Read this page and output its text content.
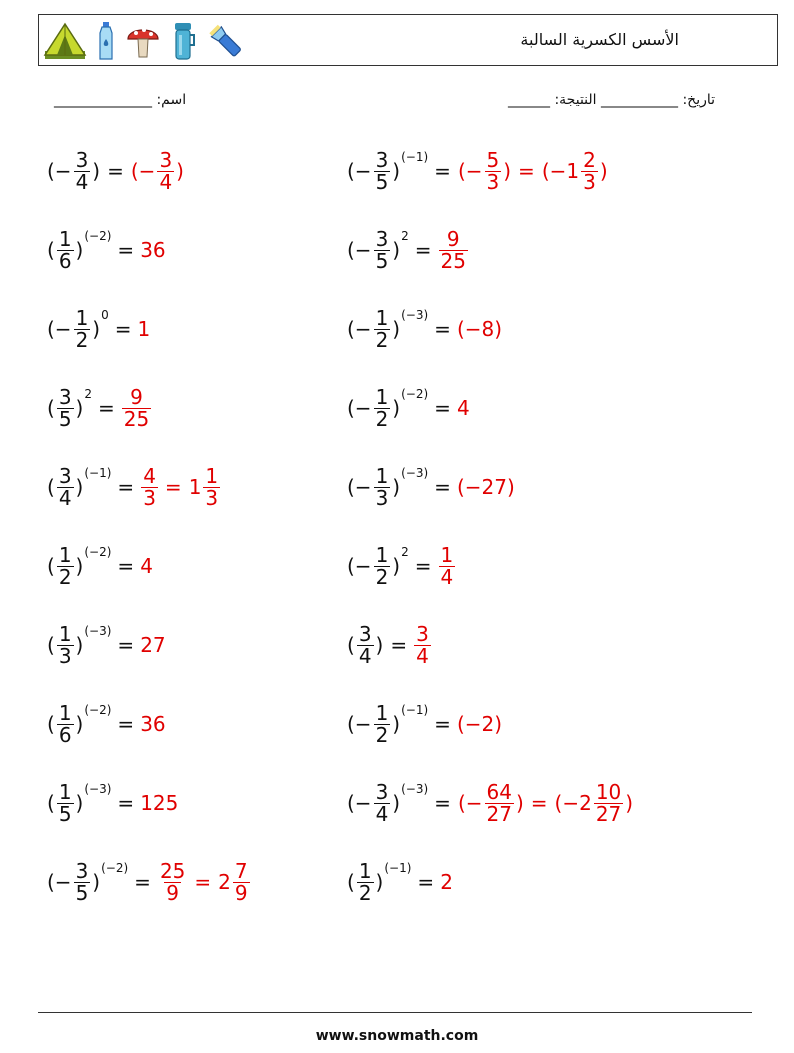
الأسس الكسرية السالبة
______________ :اسم	______ :تاريخ: ___________ النتيجة
(− $\frac{3}{4}$ ) = (− $\frac{3}{4}$ )	(− $\frac{3}{5}$ )
(−1)
= (− $\frac{5}{3}$ ) = ($-1 \frac{2}{3}$ )
( $\frac{1}{6}$ )
(−2)
= 36	(− $\frac{3}{5}$ )
2
= $\frac{9}{25}$
(− $\frac{1}{2}$ )
0
= 1	(− $\frac{1}{2}$ )
(−3)
= (−8)
( $\frac{3}{5}$ )
2
= $\frac{9}{25}$	(− $\frac{1}{2}$ )
(−2)
= 4
( $\frac{3}{4}$ )
(−1)
= $\frac{4}{3} = 1 \frac{1}{3}$	(− $\frac{1}{3}$ )
(−3)
= (−27)
( $\frac{1}{2}$ )
(−2)
= 4	(− $\frac{1}{2}$ )
2
= $\frac{1}{4}$
( $\frac{1}{3}$ )
(−3)
= 27	( $\frac{3}{4}$ ) = $\frac{3}{4}$
( $\frac{1}{6}$ )
(−2)
= 36	(− $\frac{1}{2}$ )
(−1)
= (−2)
( $\frac{1}{5}$ )
(−3)
= 125	(− $\frac{3}{4}$ )
(−3)
= (− $\frac{64}{27}$ ) = ($-2 \frac{10}{27}$ )
(− $\frac{3}{5}$ )
(−2)
= $\frac{25}{9} = 2 \frac{7}{9}$	( $\frac{1}{2}$ )
(−1)
= 2
www.snowmath.com
